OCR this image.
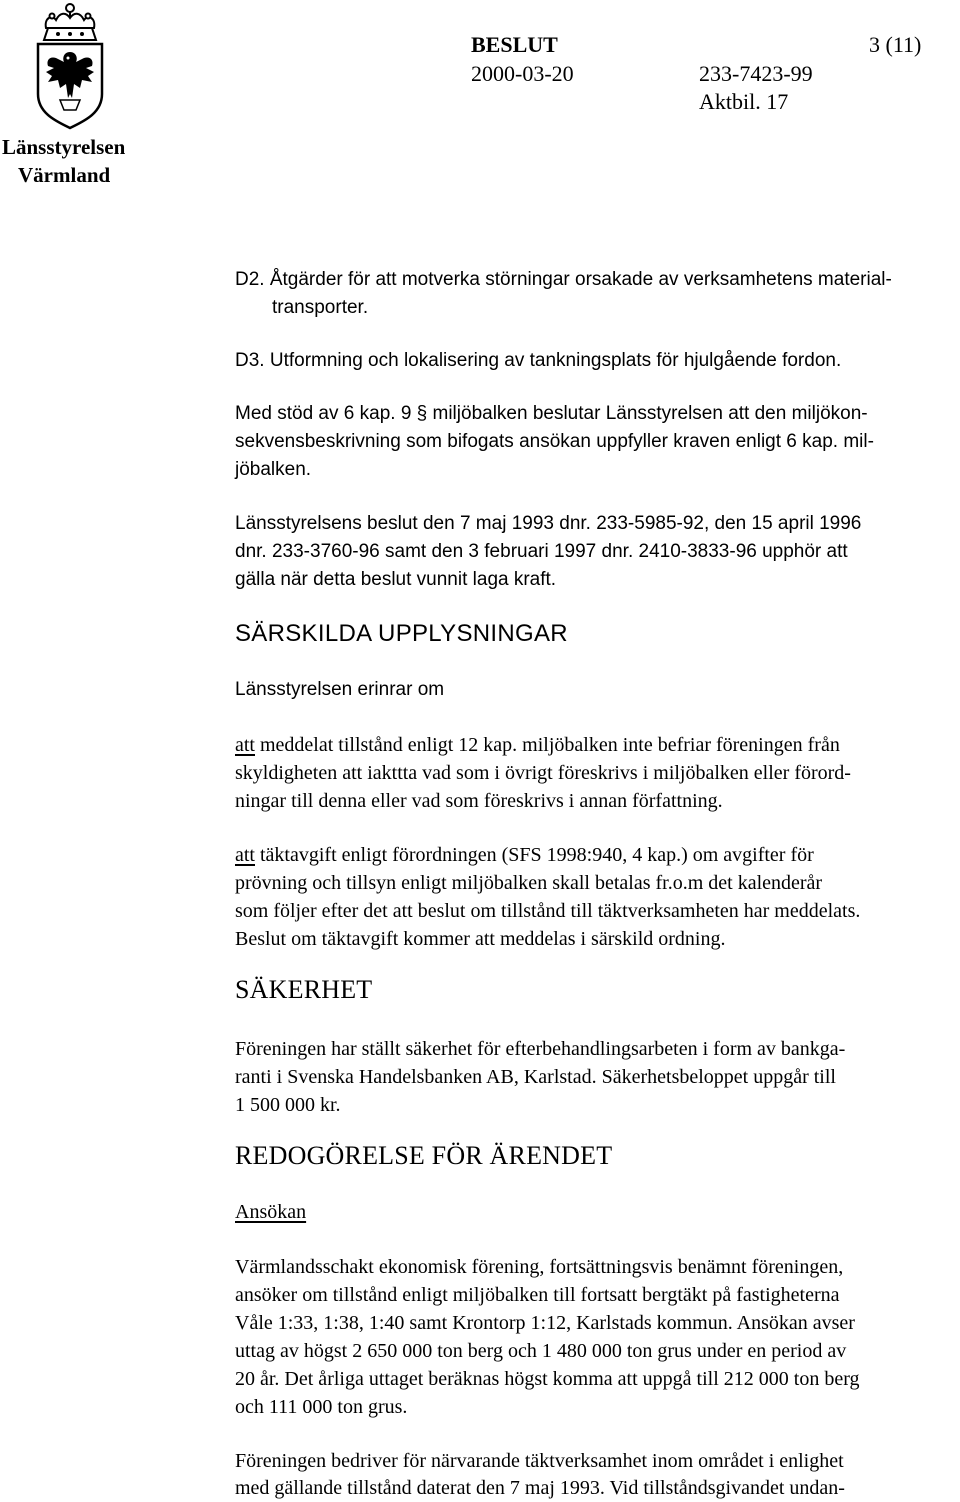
Länsstyrelsen
Värmland
BESLUT	3 (11)
2000-03-20	233-7423-99
Aktbil. 17
D2. Åtgärder för att motverka störningar orsakade av verksamhetens material-
transporter.
D3. Utformning och lokalisering av tankningsplats för hjulgående fordon.
Med stöd av 6 kap. 9 § miljöbalken beslutar Länsstyrelsen att den miljökon-
sekvensbeskrivning som bifogats ansökan uppfyller kraven enligt 6 kap. mil-
jöbalken.
Länsstyrelsens beslut den 7 maj 1993 dnr. 233-5985-92, den 15 april 1996
dnr. 233-3760-96 samt den 3 februari 1997 dnr. 2410-3833-96 upphör att
gälla när detta beslut vunnit laga kraft.
SÄRSKILDA UPPLYSNINGAR
Länsstyrelsen erinrar om
att meddelat tillstånd enligt 12 kap. miljöbalken inte befriar föreningen från
skyldigheten att iakttta vad som i övrigt föreskrivs i miljöbalken eller förord-
ningar till denna eller vad som föreskrivs i annan författning.
att täktavgift enligt förordningen (SFS 1998:940, 4 kap.) om avgifter för
prövning och tillsyn enligt miljöbalken skall betalas fr.o.m det kalenderår
som följer efter det att beslut om tillstånd till täktverksamheten har meddelats.
Beslut om täktavgift kommer att meddelas i särskild ordning.
SÄKERHET
Föreningen har ställt säkerhet för efterbehandlingsarbeten i form av bankga-
ranti i Svenska Handelsbanken AB, Karlstad. Säkerhetsbeloppet uppgår till
1 500 000 kr.
REDOGÖRELSE FÖR ÄRENDET
Ansökan
Värmlandsschakt ekonomisk förening, fortsättningsvis benämnt föreningen,
ansöker om tillstånd enligt miljöbalken till fortsatt bergtäkt på fastigheterna
Våle 1:33, 1:38, 1:40 samt Krontorp 1:12, Karlstads kommun. Ansökan avser
uttag av högst 2 650 000 ton berg och 1 480 000 ton grus under en period av
20 år. Det årliga uttaget beräknas högst komma att uppgå till 212 000 ton berg
och 111 000 ton grus.
Föreningen bedriver för närvarande täktverksamhet inom området i enlighet
med gällande tillstånd daterat den 7 maj 1993. Vid tillståndsgivandet undan-
